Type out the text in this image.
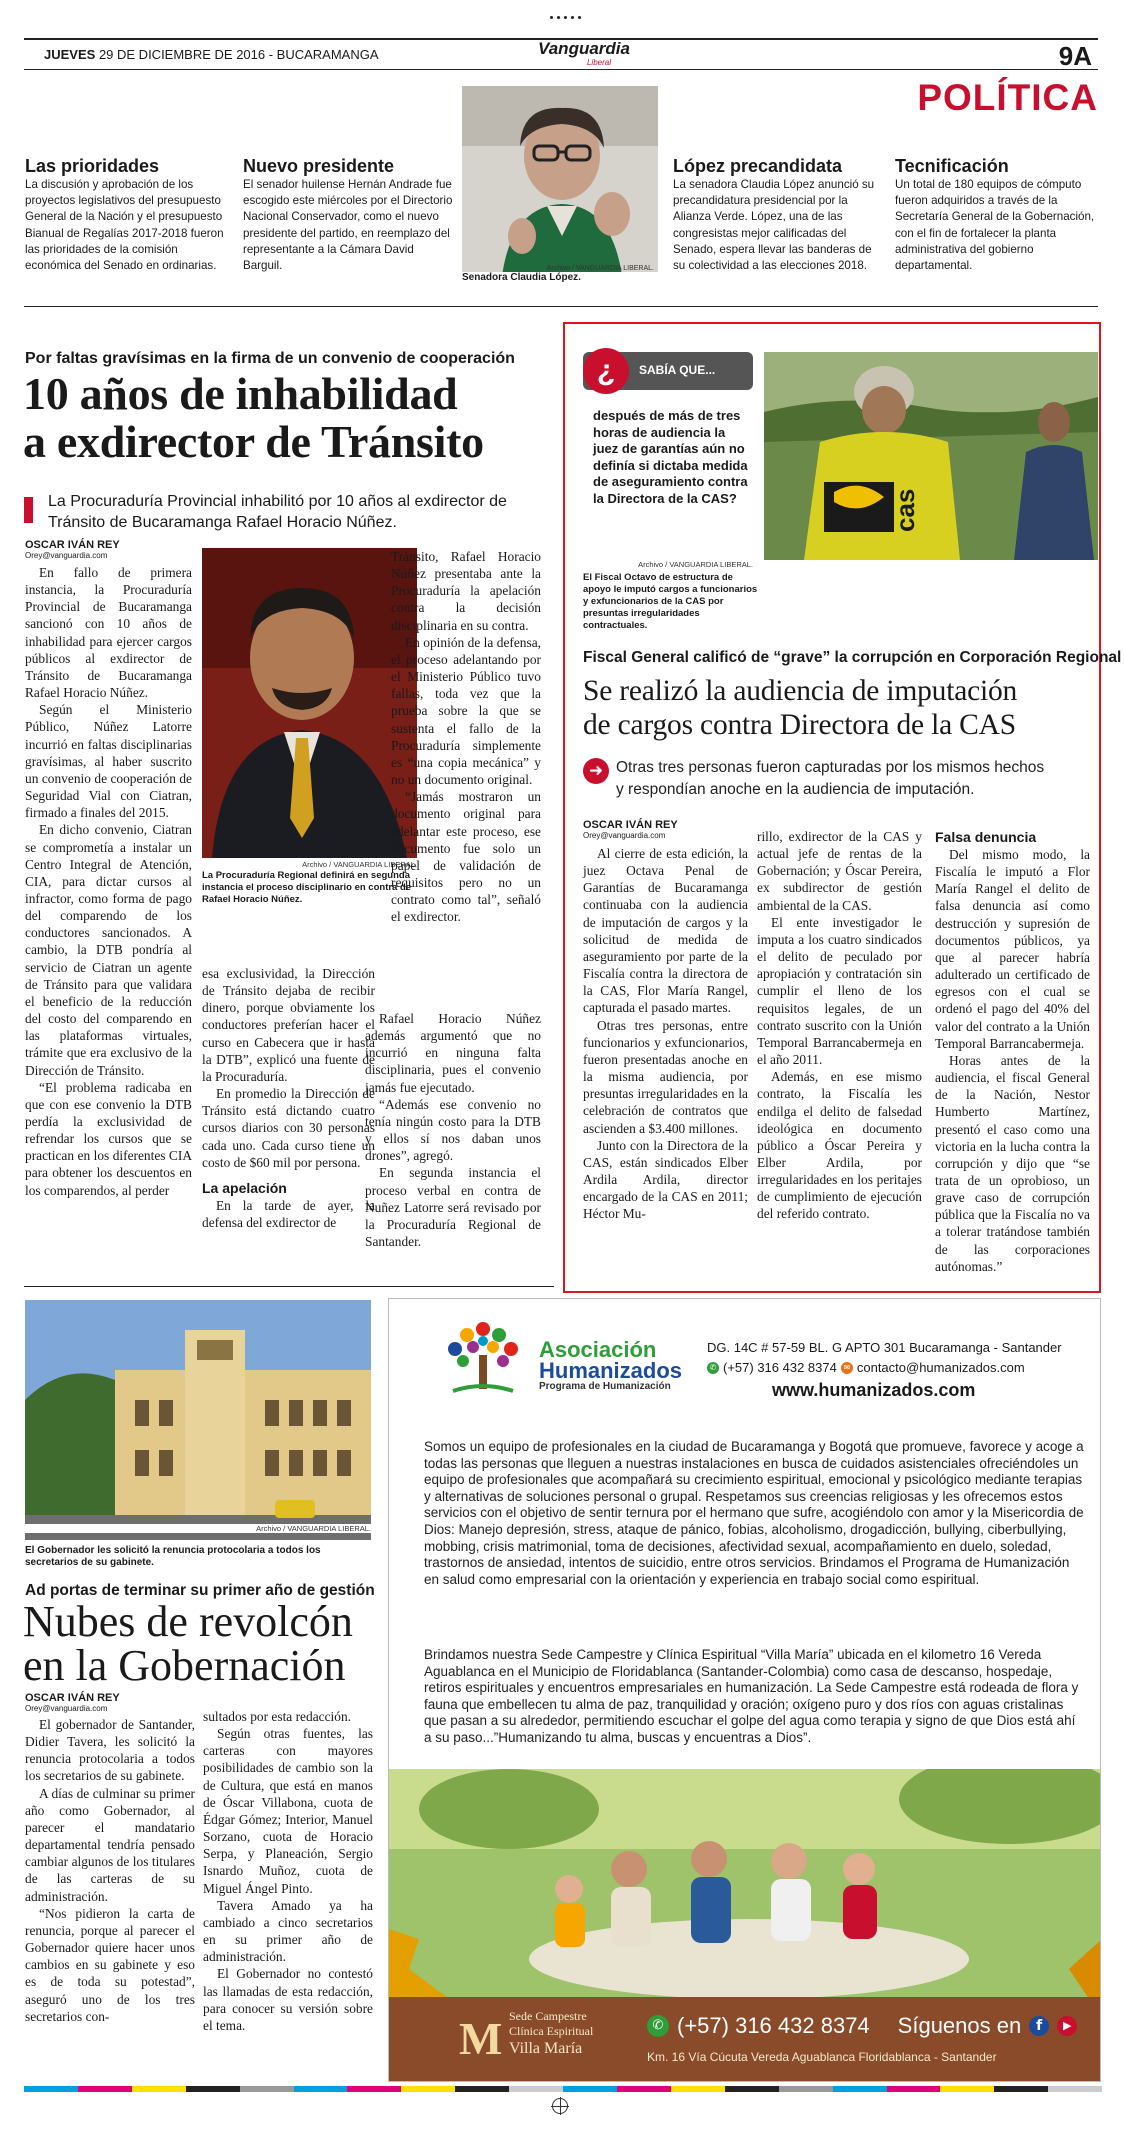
JUEVES 29 DE DICIEMBRE DE 2016 - BUCARAMANGA	Vanguardia
Liberal	9A
POLÍTICA
Las prioridades

La discusión y aprobación de los proyectos legislativos del presupuesto General de la Nación y el presupuesto Bianual de Regalías 2017-2018 fueron las prioridades de la comisión económica del Senado en ordinarias.

Nuevo presidente

El senador huilense Hernán Andrade fue escogido este miércoles por el Directorio Nacional Conservador, como el nuevo presidente del partido, en reemplazo del representante a la Cámara David Barguil.	Archivo / VANGUARDIA LIBERAL.
Senadora Claudia López.
López precandidata

La senadora Claudia López anunció su precandidatura presidencial por la Alianza Verde. López, una de las congresistas mejor calificadas del Senado, espera llevar las banderas de su colectividad a las elecciones 2018.

Tecnificación

Un total de 180 equipos de cómputo fueron adquiridos a través de la Secretaría General de la Gobernación, con el fin de fortalecer la planta administrativa del gobierno departamental.

Por faltas gravísimas en la firma de un convenio de cooperación
10 años de inhabilidad
a exdirector de Tránsito
La Procuraduría Provincial inhabilitó por 10 años al exdirector de Tránsito de Bucaramanga Rafael Horacio Núñez.
OSCAR IVÁN REY
Orey@vanguardia.com

En fallo de primera instancia, la Procuraduría Provincial de Bucaramanga sancionó con 10 años de inhabilidad para ejercer cargos públicos al exdirector de Tránsito de Bucaramanga Rafael Horacio Núñez.

Según el Ministerio Público, Núñez Latorre incurrió en faltas disciplinarias gravísimas, al haber suscrito un convenio de cooperación de Seguridad Vial con Ciatran, firmado a finales del 2015.

En dicho convenio, Ciatran se comprometía a instalar un Centro Integral de Atención, CIA, para dictar cursos al infractor, como forma de pago del comparendo de los conductores sancionados. A cambio, la DTB pondría al servicio de Ciatran un agente de Tránsito para que validara el beneficio de la reducción del costo del comparendo en las plataformas virtuales, trámite que era exclusivo de la Dirección de Tránsito.

“El problema radicaba en que con ese convenio la DTB perdía la exclusividad de refrendar los cursos que se practican en los diferentes CIA para obtener los descuentos en los comparendos, al perder

Archivo / VANGUARDIA LIBERAL.
La Procuraduría Regional definirá en segunda instancia el proceso disciplinario en contra de Rafael Horacio Núñez.

esa exclusividad, la Dirección de Tránsito dejaba de recibir dinero, porque obviamente los conductores preferían hacer el curso en Cabecera que ir hasta la DTB”, explicó una fuente de la Procuraduría.

En promedio la Dirección de Tránsito está dictando cuatro cursos diarios con 30 personas cada uno. Cada curso tiene un costo de $60 mil por persona.

La apelación

En la tarde de ayer, la defensa del exdirector de

Tránsito, Rafael Horacio Núñez presentaba ante la Procuraduría la apelación contra la decisión disciplinaria en su contra.

En opinión de la defensa, el proceso adelantando por el Ministerio Público tuvo fallas, toda vez que la prueba sobre la que se sustenta el fallo de la Procuraduría simplemente es “una copia mecánica” y no un documento original.

“Jamás mostraron un documento original para adelantar este proceso, ese documento fue solo un papel de validación de requisitos pero no un contrato como tal”, señaló el exdirector.

Rafael Horacio Núñez además argumentó que no incurrió en ninguna falta disciplinaria, pues el convenio jamás fue ejecutado.

“Además ese convenio no tenía ningún costo para la DTB y ellos sí nos daban unos drones”, agregó.

En segunda instancia el proceso verbal en contra de Nuñez Latorre será revisado por la Procuraduría Regional de Santander.

¿	SABÍA QUE...
después de más de tres horas de audiencia la juez de garantías aún no definía si dictaba medida de aseguramiento contra la Directora de la CAS?	cas
Archivo / VANGUARDIA LIBERAL.
El Fiscal Octavo de estructura de apoyo le imputó cargos a funcionarios y exfuncionarios de la CAS por presuntas irregularidades contractuales.
Fiscal General calificó de “grave” la corrupción en Corporación Regional
Se realizó la audiencia de imputación
de cargos contra Directora de la CAS
➜ Otras tres personas fueron capturadas por los mismos hechos
y respondían anoche en la audiencia de imputación.
OSCAR IVÁN REY
Orey@vanguardia.com

Al cierre de esta edición, la juez Octava Penal de Garantías de Bucaramanga continuaba con la audiencia de imputación de cargos y la solicitud de medida de aseguramiento por parte de la Fiscalía contra la directora de la CAS, Flor María Rangel, capturada el pasado martes.

Otras tres personas, entre funcionarios y exfuncionarios, fueron presentadas anoche en la misma audiencia, por presuntas irregularidades en la celebración de contratos que ascienden a $3.400 millones.

Junto con la Directora de la CAS, están sindicados Elber Ardila Ardila, director encargado de la CAS en 2011; Héctor Mu-

rillo, exdirector de la CAS y actual jefe de rentas de la Gobernación; y Óscar Pereira, ex subdirector de gestión ambiental de la CAS.

El ente investigador le imputa a los cuatro sindicados el delito de peculado por apropiación y contratación sin cumplir el lleno de los requisitos legales, de un contrato suscrito con la Unión Temporal Barrancabermeja en el año 2011.

Además, en ese mismo contrato, la Fiscalía les endilga el delito de falsedad ideológica en documento público a Óscar Pereira y Elber Ardila, por irregularidades en los peritajes de cumplimiento de ejecución del referido contrato.

Falsa denuncia

Del mismo modo, la Fiscalía le imputó a Flor María Rangel el delito de falsa denuncia así como destrucción y supresión de documentos públicos, ya que al parecer habría adulterado un certificado de egresos con el cual se ordenó el pago del 40% del valor del contrato a la Unión Temporal Barrancabermeja.

Horas antes de la audiencia, el fiscal General de la Nación, Nestor Humberto Martínez, presentó el caso como una victoria en la lucha contra la corrupción y dijo que “se trata de un oprobioso, un grave caso de corrupción pública que la Fiscalía no va a tolerar tratándose también de las corporaciones autónomas.”

Archivo / VANGUARDIA LIBERAL.
El Gobernador les solicitó la renuncia protocolaria a todos los secretarios de su gabinete.
Ad portas de terminar su primer año de gestión
Nubes de revolcón
en la Gobernación
OSCAR IVÁN REY
Orey@vanguardia.com

El gobernador de Santander, Didier Tavera, les solicitó la renuncia protocolaria a todos los secretarios de su gabinete.

A días de culminar su primer año como Gobernador, al parecer el mandatario departamental tendría pensado cambiar algunos de los titulares de las carteras de su administración.

“Nos pidieron la carta de renuncia, porque al parecer el Gobernador quiere hacer unos cambios en su gabinete y eso es de toda su potestad”, aseguró uno de los tres secretarios con-

sultados por esta redacción.

Según otras fuentes, las carteras con mayores posibilidades de cambio son la de Cultura, que está en manos de Óscar Villabona, cuota de Édgar Gómez; Interior, Manuel Sorzano, cuota de Horacio Serpa, y Planeación, Sergio Isnardo Muñoz, cuota de Miguel Ángel Pinto.

Tavera Amado ya ha cambiado a cinco secretarios en su primer año de administración.

El Gobernador no contestó las llamadas de esta redacción, para conocer su versión sobre el tema.

Asociación
Humanizados
Programa de Humanización
DG. 14C # 57-59 BL. G APTO 301 Bucaramanga - Santander
✆ (+57) 316 432 8374 ✉ contacto@humanizados.com
www.humanizados.com
Somos un equipo de profesionales en la ciudad de Bucaramanga y Bogotá que promueve, favorece y acoge a todas las personas que lleguen a nuestras instalaciones en busca de cuidados asistenciales ofreciéndoles un equipo de profesionales que acompañará su crecimiento espiritual, emocional y psicológico mediante terapias y alternativas de soluciones personal o grupal. Respetamos sus creencias religiosas y les ofrecemos estos servicios con el objetivo de sentir ternura por el hermano que sufre, acogiéndolo con amor y la Misericordia de Dios: Manejo depresión, stress, ataque de pánico, fobias, alcoholismo, drogadicción, bullying, ciberbullying, mobbing, crisis matrimonial, toma de decisiones, afectividad sexual, acompañamiento en duelo, soledad, trastornos de ansiedad, intentos de suicidio, entre otros servicios. Brindamos el Programa de Humanización en salud como empresarial con la orientación y experiencia en trabajo social como espiritual.
Brindamos nuestra Sede Campestre y Clínica Espiritual “Villa María” ubicada en el kilometro 16 Vereda Aguablanca en el Municipio de Floridablanca (Santander-Colombia) como casa de descanso, hospedaje, retiros espirituales y encuentros empresariales en humanización. La Sede Campestre está rodeada de flora y fauna que embellecen tu alma de paz, tranquilidad y oración; oxígeno puro y dos ríos con aguas cristalinas que pasan a su alrededor, permitiendo escuchar el golpe del agua como terapia y signo de que Dios está ahí a su paso...”Humanizando tu alma, buscas y encuentras a Dios”.
M Sede Campestre
Clínica Espiritual
Villa María
✆ (+57) 316 432 8374 Síguenos en	f	▶
Km. 16 Vía Cúcuta Vereda Aguablanca Floridablanca - Santander
